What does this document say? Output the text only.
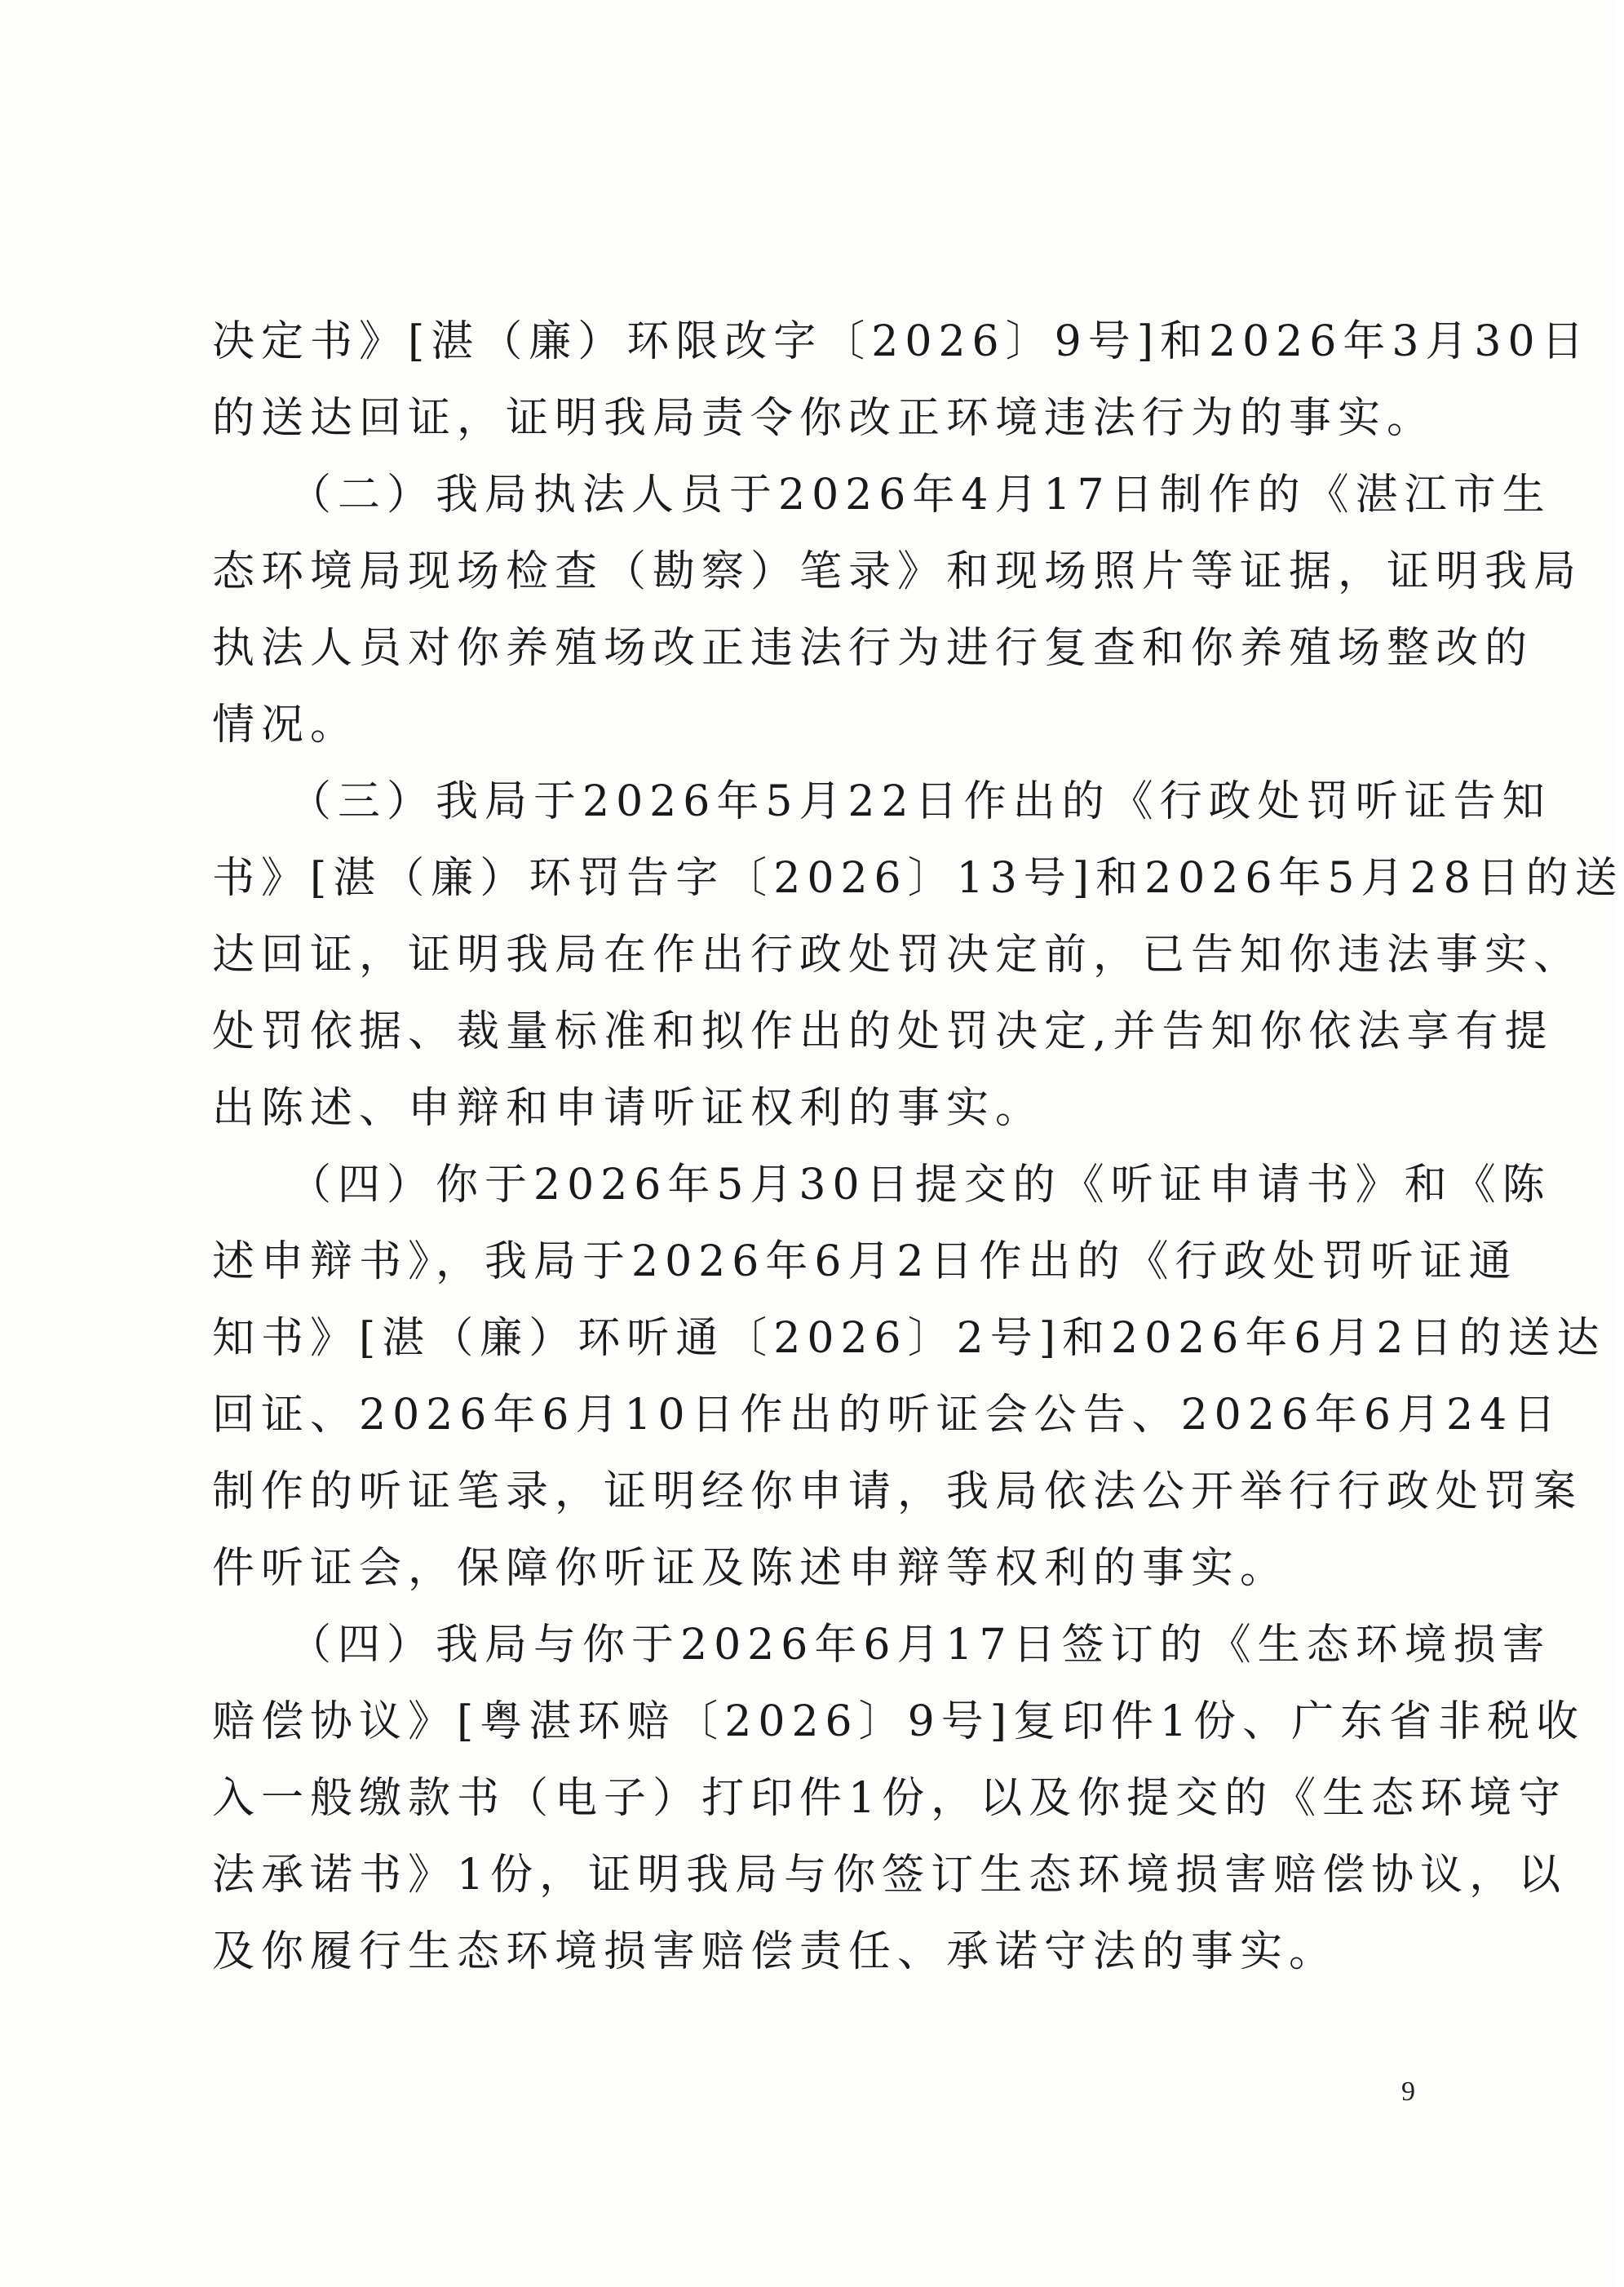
决定书》[湛（廉）环限改字〔2026〕9号]和2026年3月30日
的送达回证，证明我局责令你改正环境违法行为的事实。
　　（二）我局执法人员于2026年4月17日制作的《湛江市生
态环境局现场检查（勘察）笔录》和现场照片等证据，证明我局
执法人员对你养殖场改正违法行为进行复查和你养殖场整改的
情况。
　　（三）我局于2026年5月22日作出的《行政处罚听证告知
书》[湛（廉）环罚告字〔2026〕13号]和2026年5月28日的送
达回证，证明我局在作出行政处罚决定前，已告知你违法事实、
处罚依据、裁量标准和拟作出的处罚决定,并告知你依法享有提
出陈述、申辩和申请听证权利的事实。
　　（四）你于2026年5月30日提交的《听证申请书》和《陈
述申辩书》，我局于2026年6月2日作出的《行政处罚听证通
知书》[湛（廉）环听通〔2026〕2号]和2026年6月2日的送达
回证、2026年6月10日作出的听证会公告、2026年6月24日
制作的听证笔录，证明经你申请，我局依法公开举行行政处罚案
件听证会，保障你听证及陈述申辩等权利的事实。
　　（四）我局与你于2026年6月17日签订的《生态环境损害
赔偿协议》[粤湛环赔〔2026〕9号]复印件1份、广东省非税收
入一般缴款书（电子）打印件1份，以及你提交的《生态环境守
法承诺书》1份，证明我局与你签订生态环境损害赔偿协议，以
及你履行生态环境损害赔偿责任、承诺守法的事实。
9
